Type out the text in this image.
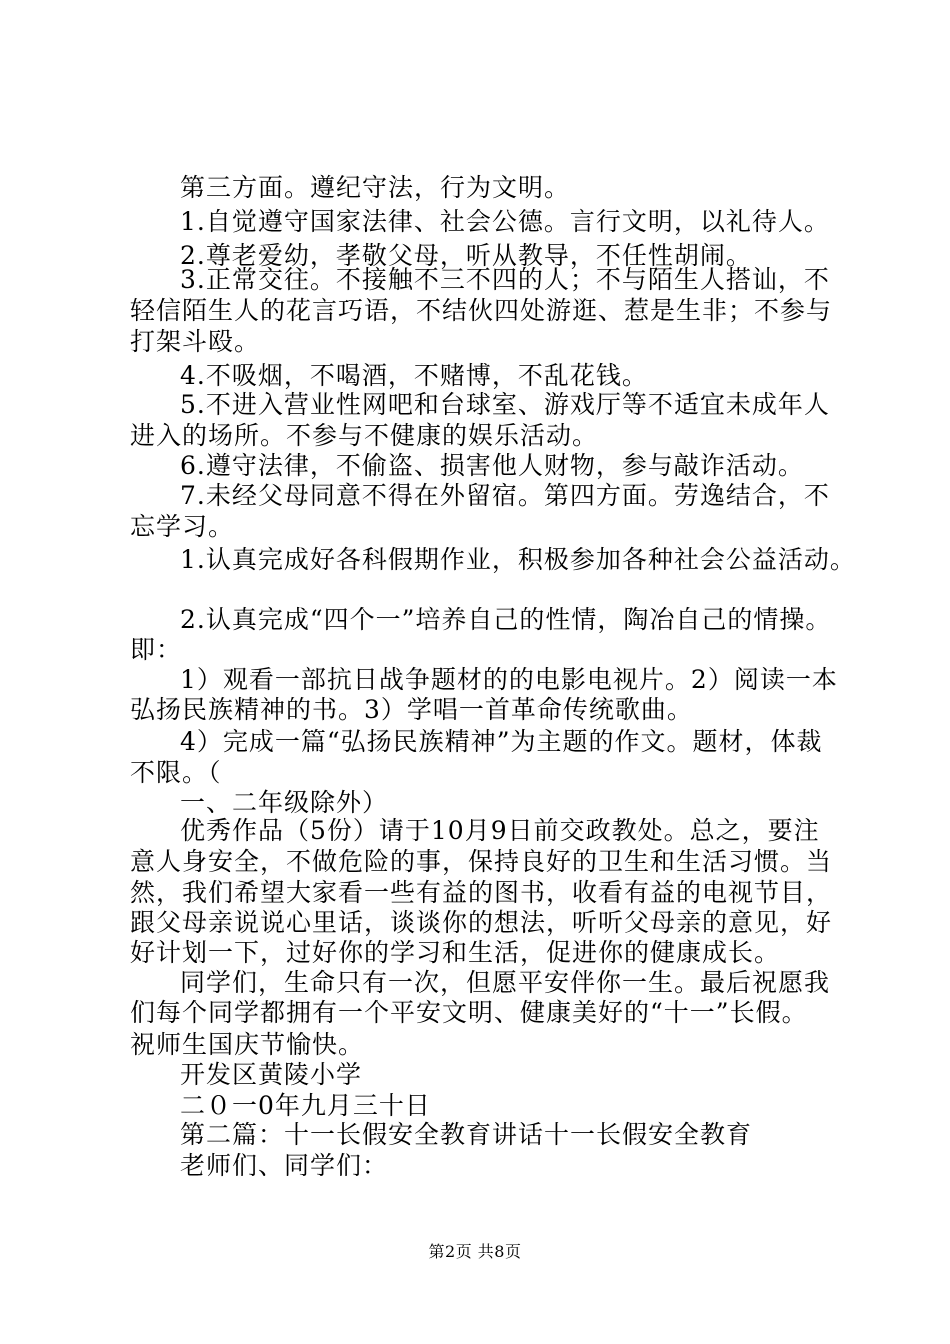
第三方面。遵纪守法，行为文明。
1.自觉遵守国家法律、社会公德。言行文明，以礼待人。
2.尊老爱幼，孝敬父母，听从教导，不任性胡闹。
3.正常交往。不接触不三不四的人；不与陌生人搭讪，不
轻信陌生人的花言巧语，不结伙四处游逛、惹是生非；不参与
打架斗殴。
4.不吸烟，不喝酒，不赌博，不乱花钱。
5.不进入营业性网吧和台球室、游戏厅等不适宜未成年人
进入的场所。不参与不健康的娱乐活动。
6.遵守法律，不偷盗、损害他人财物，参与敲诈活动。
7.未经父母同意不得在外留宿。第四方面。劳逸结合，不
忘学习。
1.认真完成好各科假期作业，积极参加各种社会公益活动。
2.认真完成“四个一”培养自己的性情，陶冶自己的情操。
即：
1）观看一部抗日战争题材的的电影电视片。2）阅读一本
弘扬民族精神的书。3）学唱一首革命传统歌曲。
4）完成一篇“弘扬民族精神”为主题的作文。题材，体裁
不限。（
一、二年级除外）
优秀作品（5份）请于10月9日前交政教处。总之，要注
意人身安全，不做危险的事，保持良好的卫生和生活习惯。当
然，我们希望大家看一些有益的图书，收看有益的电视节目，
跟父母亲说说心里话，谈谈你的想法，听听父母亲的意见，好
好计划一下，过好你的学习和生活，促进你的健康成长。
同学们，生命只有一次，但愿平安伴你一生。最后祝愿我
们每个同学都拥有一个平安文明、健康美好的“十一”长假。
祝师生国庆节愉快。
开发区黄陵小学
二０一0年九月三十日
第二篇：十一长假安全教育讲话十一长假安全教育
老师们、同学们：
第2页 共8页
